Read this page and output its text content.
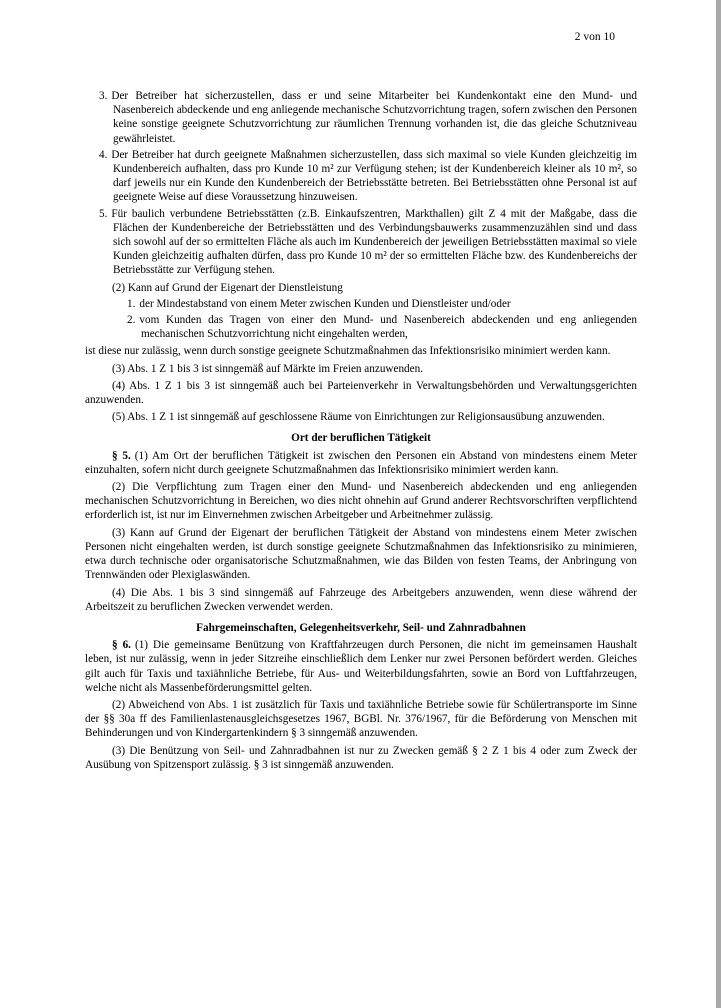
2 von 10
3. Der Betreiber hat sicherzustellen, dass er und seine Mitarbeiter bei Kundenkontakt eine den Mund- und Nasenbereich abdeckende und eng anliegende mechanische Schutzvorrichtung tragen, sofern zwischen den Personen keine sonstige geeignete Schutzvorrichtung zur räumlichen Trennung vorhanden ist, die das gleiche Schutzniveau gewährleistet.
4. Der Betreiber hat durch geeignete Maßnahmen sicherzustellen, dass sich maximal so viele Kunden gleichzeitig im Kundenbereich aufhalten, dass pro Kunde 10 m² zur Verfügung stehen; ist der Kundenbereich kleiner als 10 m², so darf jeweils nur ein Kunde den Kundenbereich der Betriebsstätte betreten. Bei Betriebsstätten ohne Personal ist auf geeignete Weise auf diese Voraussetzung hinzuweisen.
5. Für baulich verbundene Betriebsstätten (z.B. Einkaufszentren, Markthallen) gilt Z 4 mit der Maßgabe, dass die Flächen der Kundenbereiche der Betriebsstätten und des Verbindungsbauwerks zusammenzuzählen sind und dass sich sowohl auf der so ermittelten Fläche als auch im Kundenbereich der jeweiligen Betriebsstätten maximal so viele Kunden gleichzeitig aufhalten dürfen, dass pro Kunde 10 m² der so ermittelten Fläche bzw. des Kundenbereichs der Betriebsstätte zur Verfügung stehen.
(2) Kann auf Grund der Eigenart der Dienstleistung
1. der Mindestabstand von einem Meter zwischen Kunden und Dienstleister und/oder
2. vom Kunden das Tragen von einer den Mund- und Nasenbereich abdeckenden und eng anliegenden mechanischen Schutzvorrichtung nicht eingehalten werden,
ist diese nur zulässig, wenn durch sonstige geeignete Schutzmaßnahmen das Infektionsrisiko minimiert werden kann.
(3) Abs. 1 Z 1 bis 3 ist sinngemäß auf Märkte im Freien anzuwenden.
(4) Abs. 1 Z 1 bis 3 ist sinngemäß auch bei Parteienverkehr in Verwaltungsbehörden und Verwaltungsgerichten anzuwenden.
(5) Abs. 1 Z 1 ist sinngemäß auf geschlossene Räume von Einrichtungen zur Religionsausübung anzuwenden.
Ort der beruflichen Tätigkeit
§ 5. (1) Am Ort der beruflichen Tätigkeit ist zwischen den Personen ein Abstand von mindestens einem Meter einzuhalten, sofern nicht durch geeignete Schutzmaßnahmen das Infektionsrisiko minimiert werden kann.
(2) Die Verpflichtung zum Tragen einer den Mund- und Nasenbereich abdeckenden und eng anliegenden mechanischen Schutzvorrichtung in Bereichen, wo dies nicht ohnehin auf Grund anderer Rechtsvorschriften verpflichtend erforderlich ist, ist nur im Einvernehmen zwischen Arbeitgeber und Arbeitnehmer zulässig.
(3) Kann auf Grund der Eigenart der beruflichen Tätigkeit der Abstand von mindestens einem Meter zwischen Personen nicht eingehalten werden, ist durch sonstige geeignete Schutzmaßnahmen das Infektionsrisiko zu minimieren, etwa durch technische oder organisatorische Schutzmaßnahmen, wie das Bilden von festen Teams, der Anbringung von Trennwänden oder Plexiglaswänden.
(4) Die Abs. 1 bis 3 sind sinngemäß auf Fahrzeuge des Arbeitgebers anzuwenden, wenn diese während der Arbeitszeit zu beruflichen Zwecken verwendet werden.
Fahrgemeinschaften, Gelegenheitsverkehr, Seil- und Zahnradbahnen
§ 6. (1) Die gemeinsame Benützung von Kraftfahrzeugen durch Personen, die nicht im gemeinsamen Haushalt leben, ist nur zulässig, wenn in jeder Sitzreihe einschließlich dem Lenker nur zwei Personen befördert werden. Gleiches gilt auch für Taxis und taxiähnliche Betriebe, für Aus- und Weiterbildungsfahrten, sowie an Bord von Luftfahrzeugen, welche nicht als Massenbeförderungsmittel gelten.
(2) Abweichend von Abs. 1 ist zusätzlich für Taxis und taxiähnliche Betriebe sowie für Schülertransporte im Sinne der §§ 30a ff des Familienlastenausgleichsgesetzes 1967, BGBl. Nr. 376/1967, für die Beförderung von Menschen mit Behinderungen und von Kindergartenkindern § 3 sinngemäß anzuwenden.
(3) Die Benützung von Seil- und Zahnradbahnen ist nur zu Zwecken gemäß § 2 Z 1 bis 4 oder zum Zweck der Ausübung von Spitzensport zulässig. § 3 ist sinngemäß anzuwenden.
